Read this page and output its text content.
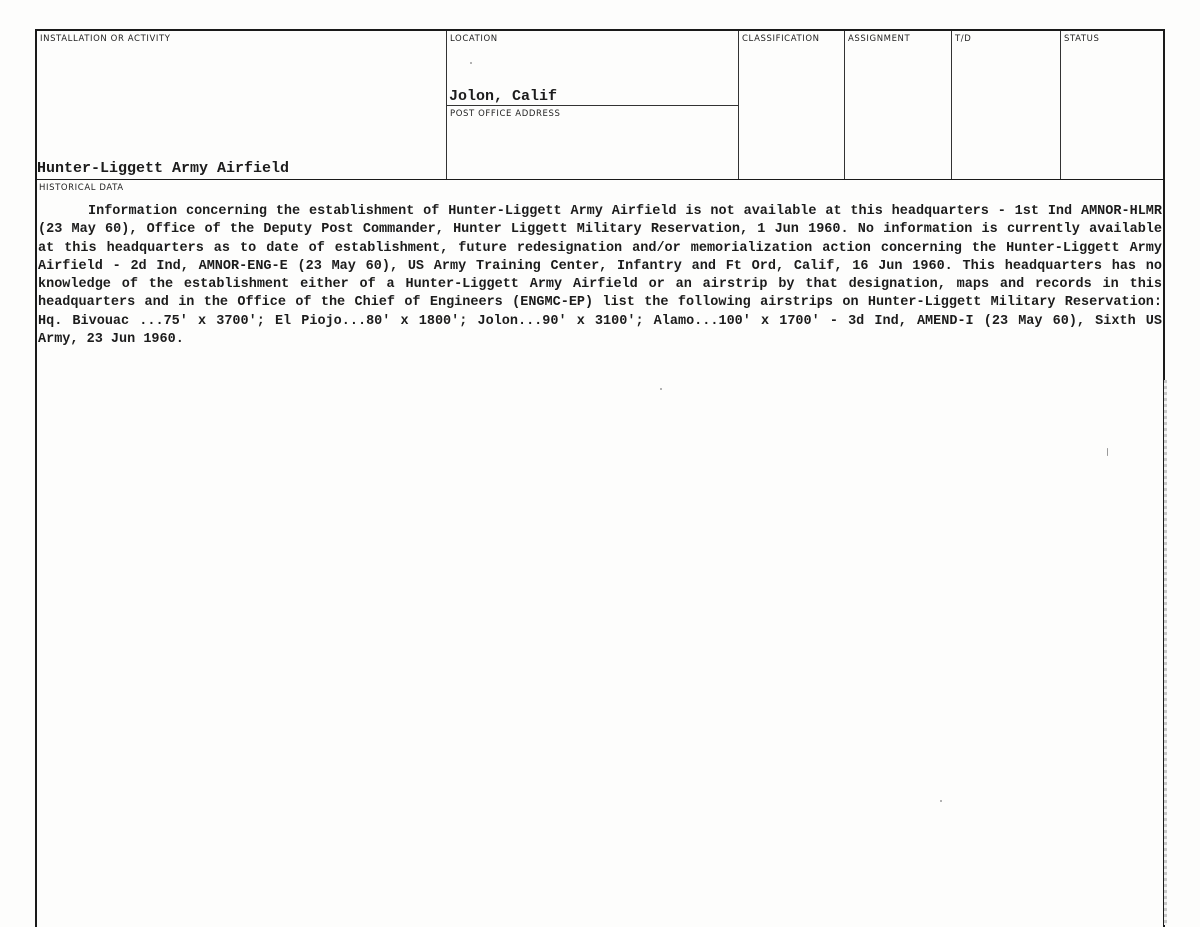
INSTALLATION OR ACTIVITY
Hunter-Liggett Army Airfield
LOCATION
Jolon, Calif
POST OFFICE ADDRESS
CLASSIFICATION	ASSIGNMENT	T/D	STATUS
HISTORICAL DATA
Information concerning the establishment of Hunter-Liggett Army Airfield is not available at this headquarters - 1st Ind AMNOR-HLMR (23 May 60), Office of the Deputy Post Commander, Hunter Liggett Military Reservation, 1 Jun 1960. No information is currently available at this headquarters as to date of establishment, future redesignation and/or memorialization action concerning the Hunter-Liggett Army Airfield - 2d Ind, AMNOR-ENG-E (23 May 60), US Army Training Center, Infantry and Ft Ord, Calif, 16 Jun 1960. This headquarters has no knowledge of the establishment either of a Hunter-Liggett Army Airfield or an airstrip by that designation, maps and records in this headquarters and in the Office of the Chief of Engineers (ENGMC-EP) list the following airstrips on Hunter-Liggett Military Reservation: Hq. Bivouac ...75' x 3700'; El Piojo...80' x 1800'; Jolon...90' x 3100'; Alamo...100' x 1700' - 3d Ind, AMEND-I (23 May 60), Sixth US Army, 23 Jun 1960.
